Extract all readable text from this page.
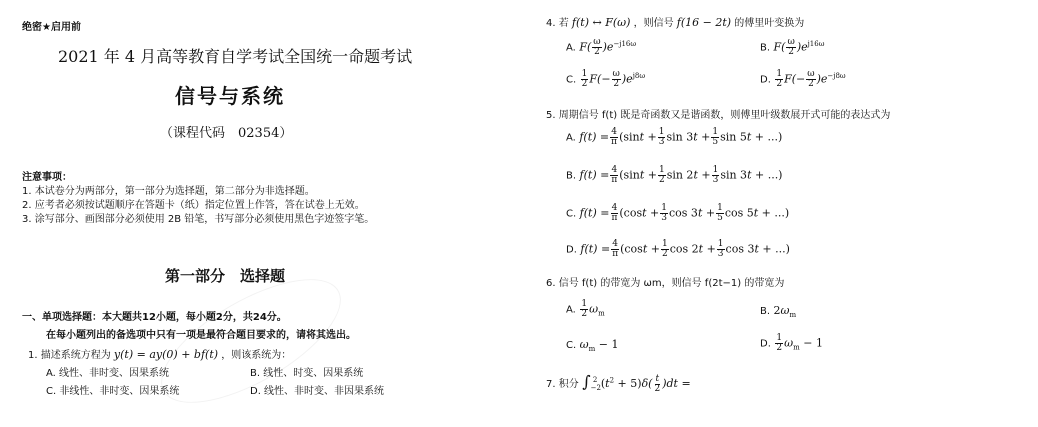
绝密★启用前
2021 年 4 月高等教育自学考试全国统一命题考试
信号与系统
（课程代码　02354）
注意事项：
1. 本试卷分为两部分，第一部分为选择题，第二部分为非选择题。
2. 应考者必须按试题顺序在答题卡（纸）指定位置上作答，答在试卷上无效。
3. 涂写部分、画图部分必须使用 2B 铅笔，书写部分必须使用黑色字迹签字笔。
第一部分　选择题
一、单项选择题：本大题共12小题，每小题2分，共24分。
在每小题列出的备选项中只有一项是最符合题目要求的，请将其选出。
1. 描述系统方程为 y(t) = ay(0) + bf(t) ，则该系统为：
A. 线性、非时变、因果系统	B. 线性、时变、因果系统
C. 非线性、非时变、因果系统	D. 线性、非时变、非因果系统
4. 若 f(t) ↔ F(ω) ，则信号 f(16 − 2t) 的傅里叶变换为
A. $F( \frac{\omega}{2} )e^{-j16\omega}$	B. $F( \frac{\omega}{2} )e^{j16\omega}$
C. $\frac{1}{2} F(- \frac{\omega}{2} )e^{j8\omega}$	D. $\frac{1}{2} F(- \frac{\omega}{2} )e^{-j8\omega}$
5. 周期信号 f(t) 既是奇函数又是谐函数，则傅里叶级数展开式可能的表达式为
A. $f(t) = \frac{4}{\pi} (\sin t + \frac{1}{3}$ $\sin 3t + \frac{1}{5}$ sin 5t + ...)
B. $f(t) = \frac{4}{\pi} (\sin t + \frac{1}{2}$ $\sin 2t + \frac{1}{3}$ sin 3t + ...)
C. $f(t) = \frac{4}{\pi} (\cos t + \frac{1}{3}$ $\cos 3t + \frac{1}{5}$ cos 5t + ...)
D. $f(t) = \frac{4}{\pi} (\cos t + \frac{1}{2}$ $\cos 2t + \frac{1}{3}$ cos 3t + ...)
6. 信号 f(t) 的带宽为 ωm，则信号 f(2t−1) 的带宽为
A. $\frac{1}{2} \omega_m$	B. $2\omega_m$
C. $\omega_m - 1$	D. $\frac{1}{2} \omega_m - 1$
7. 积分 $\int_{-2}^2$ $(t^2 + 5)\delta( \frac{t}{2} )dt$ =
